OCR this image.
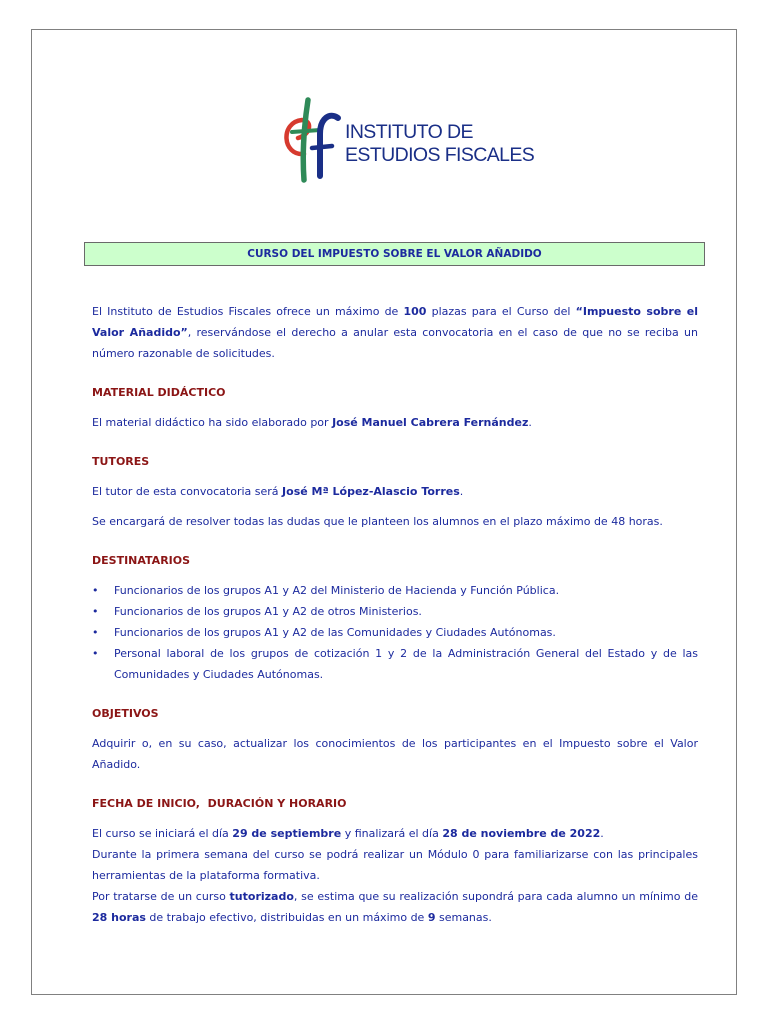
INSTITUTO DE
ESTUDIOS FISCALES
CURSO DEL IMPUESTO SOBRE EL VALOR AÑADIDO

El Instituto de Estudios Fiscales ofrece un máximo de 100 plazas para el Curso del “Impuesto sobre el Valor Añadido”, reservándose el derecho a anular esta convocatoria en el caso de que no se reciba un número razonable de solicitudes.

MATERIAL DIDÁCTICO

El material didáctico ha sido elaborado por José Manuel Cabrera Fernández.

TUTORES

El tutor de esta convocatoria será José Mª López-Alascio Torres.

Se encargará de resolver todas las dudas que le planteen los alumnos en el plazo máximo de 48 horas.

DESTINATARIOS

• Funcionarios de los grupos A1 y A2 del Ministerio de Hacienda y Función Pública.
• Funcionarios de los grupos A1 y A2 de otros Ministerios.
• Funcionarios de los grupos A1 y A2 de las Comunidades y Ciudades Autónomas.
• Personal laboral de los grupos de cotización 1 y 2 de la Administración General del Estado y de las Comunidades y Ciudades Autónomas.

OBJETIVOS

Adquirir o, en su caso, actualizar los conocimientos de los participantes en el Impuesto sobre el Valor Añadido.

FECHA DE INICIO,  DURACIÓN Y HORARIO

El curso se iniciará el día 29 de septiembre y finalizará el día 28 de noviembre de 2022.

Durante la primera semana del curso se podrá realizar un Módulo 0 para familiarizarse con las principales herramientas de la plataforma formativa.

Por tratarse de un curso tutorizado, se estima que su realización supondrá para cada alumno un mínimo de 28 horas de trabajo efectivo, distribuidas en un máximo de 9 semanas.
